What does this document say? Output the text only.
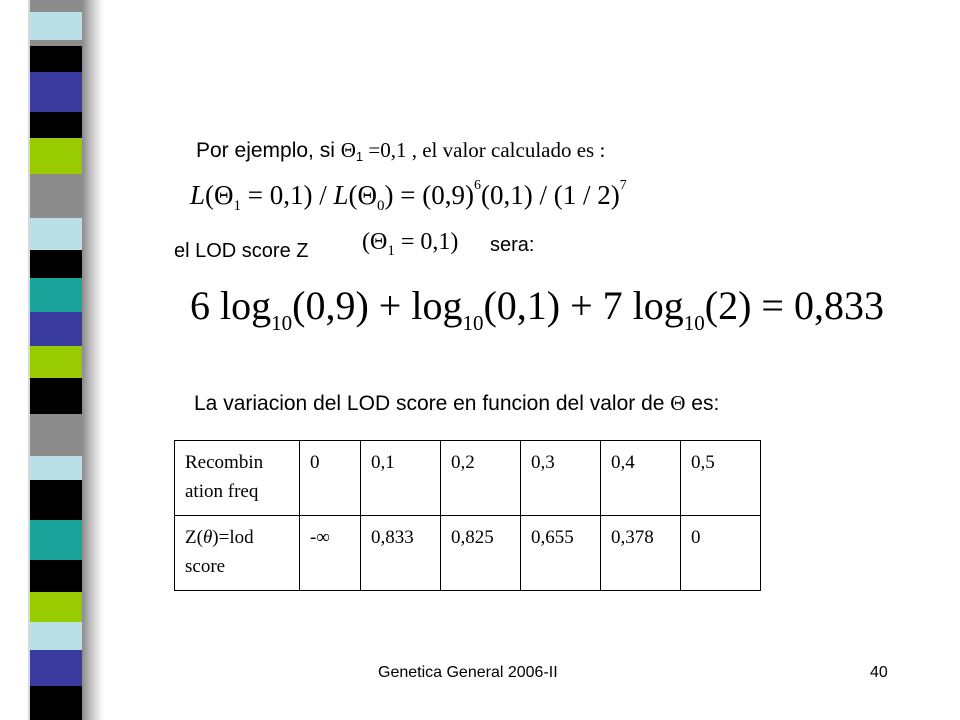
Por ejemplo, si Θ1 =0,1 , el valor calculado es :
$L(\Theta_1 = 0,1) / L(\Theta_0) = (0,9)^6(0,1) / (1 / 2)^7$
el LOD score Z $(\Theta_1 = 0,1)$ sera:
6 $\log_{10}(0,9) + \log_{10}(0,1) + 7$ $\log_{10}(2) = 0,833$
La variacion del LOD score en funcion del valor de Θ es:
Recombin ation freq	0	0,1	0,2	0,3	0,4	0,5
Z(θ)=lod score	-∞	0,833	0,825	0,655	0,378	0
Genetica General 2006-II	40
